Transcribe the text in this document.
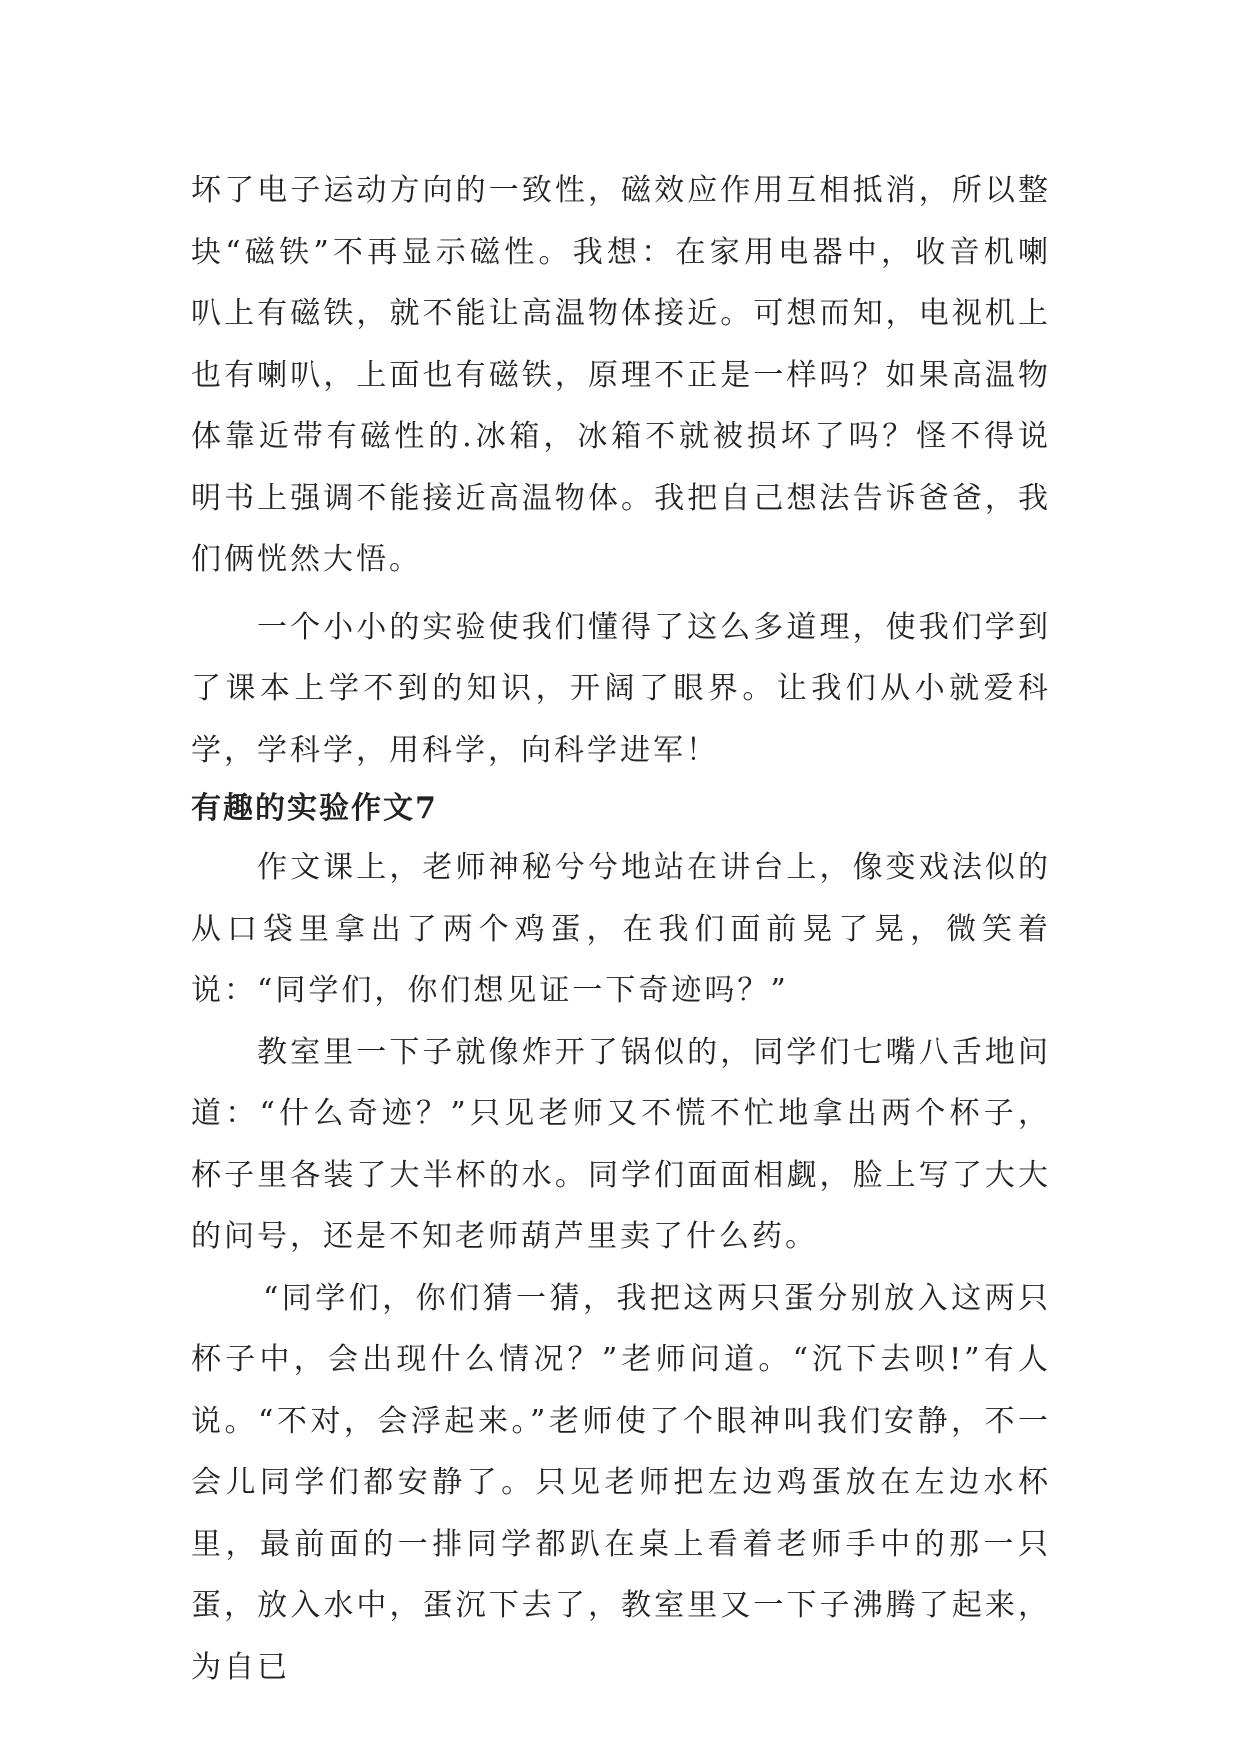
坏了电子运动方向的一致性，磁效应作用互相抵消，所以整块“磁铁”不再显示磁性。我想：在家用电器中，收音机喇叭上有磁铁，就不能让高温物体接近。可想而知，电视机上也有喇叭，上面也有磁铁，原理不正是一样吗？如果高温物体靠近带有磁性的.冰箱，冰箱不就被损坏了吗？怪不得说明书上强调不能接近高温物体。我把自己想法告诉爸爸，我们俩恍然大悟。

一个小小的实验使我们懂得了这么多道理，使我们学到了课本上学不到的知识，开阔了眼界。让我们从小就爱科学，学科学，用科学，向科学进军！

有趣的实验作文7

作文课上，老师神秘兮兮地站在讲台上，像变戏法似的从口袋里拿出了两个鸡蛋，在我们面前晃了晃，微笑着说：“同学们，你们想见证一下奇迹吗？”

教室里一下子就像炸开了锅似的，同学们七嘴八舌地问道：“什么奇迹？”只见老师又不慌不忙地拿出两个杯子，杯子里各装了大半杯的水。同学们面面相觑，脸上写了大大的问号，还是不知老师葫芦里卖了什么药。

“同学们，你们猜一猜，我把这两只蛋分别放入这两只杯子中，会出现什么情况？”老师问道。“沉下去呗!”有人说。“不对，会浮起来。”老师使了个眼神叫我们安静，不一会儿同学们都安静了。只见老师把左边鸡蛋放在左边水杯里，最前面的一排同学都趴在桌上看着老师手中的那一只蛋，放入水中，蛋沉下去了，教室里又一下子沸腾了起来，为自已
